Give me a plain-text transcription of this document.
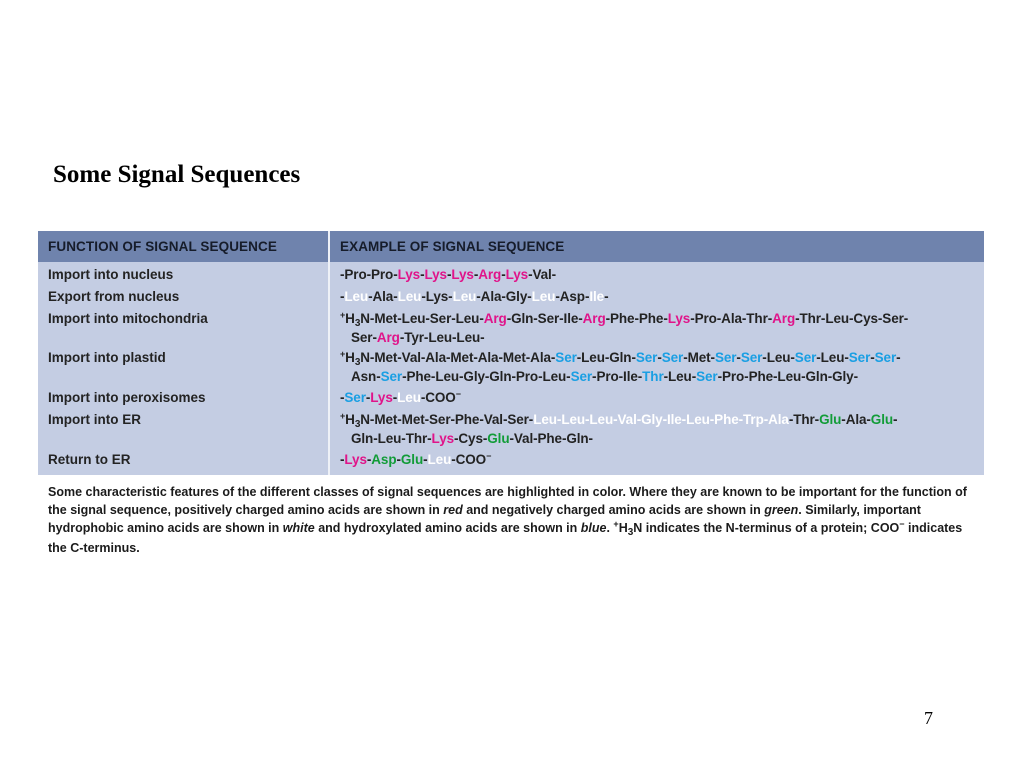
Some Signal Sequences
FUNCTION OF SIGNAL SEQUENCE	EXAMPLE OF SIGNAL SEQUENCE
Import into nucleus	-Pro-Pro-Lys-Lys-Lys-Arg-Lys-Val-
Export from nucleus	-Leu-Ala-Leu-Lys-Leu-Ala-Gly-Leu-Asp-Ile-
Import into mitochondria	$^+H_3N-Met-Leu-Ser-Leu-Arg-Gln-Ser-Ile-Arg-Phe-Phe-Lys-Pro-Ala-Thr-Arg-Thr-Leu-Cys-Ser-$
Ser-Arg-Tyr-Leu-Leu-
Import into plastid	$^+H_3N-Met-Val-Ala-Met-Ala-Met-Ala-Ser-Leu-Gln-Ser-Ser-Met-Ser-Ser-Leu-Ser-Leu-Ser-Ser-$
Asn-Ser-Phe-Leu-Gly-Gln-Pro-Leu-Ser-Pro-Ile-Thr-Leu-Ser-Pro-Phe-Leu-Gln-Gly-
Import into peroxisomes	-Ser-Lys-Leu-COO−
Import into ER	$^+H_3N-Met-Met-Ser-Phe-Val-Ser-Leu-Leu-Leu-Val-Gly-Ile-Leu-Phe-Trp-Ala-Thr-Glu-Ala-Glu-$
Gln-Leu-Thr-Lys-Cys-Glu-Val-Phe-Gln-
Return to ER	-Lys-Asp-Glu-Leu-COO−
Some characteristic features of the different classes of signal sequences are highlighted in color. Where they are known to be important for the function of the signal sequence, positively charged amino acids are shown in red and negatively charged amino acids are shown in green. Similarly, important hydrophobic amino acids are shown in white and hydroxylated amino acids are shown in blue. $^+H_3N$ indicates the N-terminus of a protein; COO− indicates the C-terminus.
7
